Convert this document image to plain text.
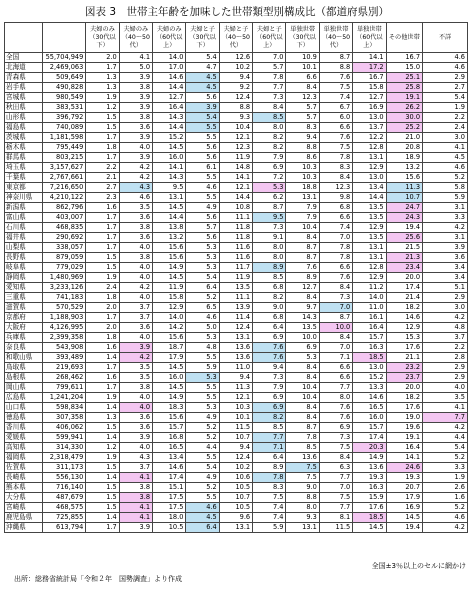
図表 3　世帯主年齢を加味した世帯類型別構成比（都道府県別）
		夫婦のみ（30代以下）	夫婦のみ（40〜50代）	夫婦のみ（60代以上）	夫婦と子（30代以下）	夫婦と子（40〜50代）	夫婦と子（60代以上）	単独世帯（30代以下）	単独世帯（40〜50代）	単独世帯（60代以上）	その他世帯	不詳
全国	55,704,949	2.0	4.1	14.0	5.4	12.6	7.0	10.9	8.7	14.1	16.7	4.6
北海道	2,469,063	1.7	5.0	17.0	4.7	10.2	5.7	10.1	8.8	17.2	15.0	4.6
青森県	509,649	1.3	3.9	14.6	4.5	9.4	7.8	6.6	7.6	16.7	25.1	2.9
岩手県	490,828	1.3	3.8	14.4	4.5	9.2	7.7	8.4	7.5	15.8	25.8	2.7
宮城県	980,549	1.9	3.9	12.7	5.6	12.4	7.3	12.3	7.4	12.7	19.1	5.4
秋田県	383,531	1.2	3.9	16.4	3.9	8.8	8.4	5.7	6.7	16.9	26.2	1.9
山形県	396,792	1.5	3.8	14.3	5.4	9.3	8.5	5.7	6.0	13.0	30.0	2.2
福島県	740,089	1.5	3.6	14.4	5.5	10.4	8.0	8.3	6.6	13.7	25.2	2.4
茨城県	1,181,598	1.7	3.9	15.2	5.5	12.1	8.2	9.4	7.6	12.2	21.0	3.0
栃木県	795,449	1.8	4.0	14.5	5.6	12.3	8.2	8.8	7.5	12.8	20.8	4.1
群馬県	803,215	1.7	3.9	16.0	5.6	11.9	7.9	8.6	7.8	13.1	18.9	4.5
埼玉県	3,157,627	2.2	4.2	14.1	6.1	14.8	6.9	10.3	8.3	12.9	13.2	4.6
千葉県	2,767,661	2.1	4.2	14.3	5.5	14.1	7.2	10.3	8.4	13.0	15.6	5.2
東京都	7,216,650	2.7	4.3	9.5	4.6	12.1	5.3	18.8	12.3	13.4	11.3	5.8
神奈川県	4,210,122	2.3	4.6	13.1	5.5	14.4	6.2	13.1	9.8	14.4	10.7	5.9
新潟県	862,796	1.6	3.5	14.5	4.9	10.8	8.7	7.9	6.8	13.5	24.7	3.1
富山県	403,007	1.7	3.6	14.4	5.6	11.1	9.5	7.9	6.6	13.5	24.3	3.3
石川県	468,835	1.7	3.8	13.8	5.7	11.8	7.3	10.4	7.4	12.9	19.4	4.2
福井県	290,692	1.7	3.6	13.2	5.6	11.8	9.1	8.4	7.0	13.5	25.6	3.1
山梨県	338,057	1.7	4.0	15.6	5.3	11.6	8.0	8.7	7.8	13.1	21.5	3.9
長野県	879,059	1.5	3.8	15.6	5.3	11.6	8.0	8.7	7.8	13.1	21.3	3.6
岐阜県	779,029	1.5	4.0	14.9	5.3	11.7	8.9	7.6	6.6	12.8	23.4	3.4
静岡県	1,480,969	1.9	4.0	14.5	5.4	11.9	8.5	8.9	7.6	12.9	20.0	3.4
愛知県	3,233,126	2.4	4.2	11.9	6.4	13.5	6.8	12.7	8.4	11.2	17.4	5.1
三重県	741,183	1.8	4.0	15.8	5.2	11.1	8.2	8.4	7.3	14.0	21.4	2.9
滋賀県	570,529	2.0	3.7	12.9	6.5	13.9	9.0	9.7	7.0	11.0	18.2	3.0
京都府	1,188,903	1.7	3.7	14.0	4.6	11.4	6.8	14.3	8.7	16.1	14.6	4.2
大阪府	4,126,995	2.0	3.6	14.2	5.0	12.4	6.4	13.5	10.0	16.4	12.9	4.8
兵庫県	2,399,358	1.8	4.0	15.6	5.3	13.1	6.9	10.0	8.4	15.7	15.3	3.7
奈良県	543,908	1.6	3.9	18.7	4.8	13.6	7.6	6.9	7.0	16.3	17.6	2.2
和歌山県	393,489	1.4	4.2	17.9	5.5	13.6	7.6	5.3	7.1	18.5	21.1	2.8
鳥取県	219,693	1.7	3.5	14.5	5.9	11.0	9.4	8.4	6.6	13.0	23.2	2.9
島根県	268,462	1.6	3.5	16.0	5.3	9.4	7.3	8.4	6.6	15.2	23.7	2.9
岡山県	799,611	1.7	3.8	14.5	5.5	11.3	7.9	10.4	7.7	13.3	20.0	4.0
広島県	1,241,204	1.9	4.0	14.9	5.5	12.1	6.9	10.4	8.0	14.6	18.2	3.5
山口県	598,834	1.4	4.0	18.3	5.3	10.3	6.9	8.4	7.6	16.5	17.6	4.1
徳島県	307,358	1.3	3.6	15.6	4.9	10.1	8.2	8.4	7.6	16.0	19.0	7.7
香川県	406,062	1.5	3.6	15.7	5.2	11.5	8.5	8.7	6.9	15.7	19.6	4.2
愛媛県	599,941	1.4	3.9	16.8	5.2	10.7	7.7	7.8	7.3	17.4	19.1	4.4
高知県	314,330	1.2	4.0	16.5	4.4	9.4	7.1	8.5	7.5	20.3	16.4	5.4
福岡県	2,318,479	1.9	4.3	13.4	5.5	12.4	6.4	13.6	8.4	14.9	14.1	5.2
佐賀県	311,173	1.5	3.7	14.6	5.4	10.2	8.9	7.5	6.3	13.6	24.6	3.3
長崎県	556,130	1.4	4.1	17.4	4.9	10.6	7.8	7.5	7.7	19.3	19.3	1.9
熊本県	716,140	1.5	3.8	15.1	5.2	10.5	8.3	9.0	7.0	16.3	20.7	2.6
大分県	487,679	1.5	3.8	17.5	5.5	10.7	7.5	8.8	7.5	15.9	17.9	1.6
宮崎県	468,575	1.5	4.1	17.5	4.6	10.5	7.4	8.0	7.7	17.6	16.9	5.2
鹿児島県	725,855	1.4	4.1	18.0	4.5	9.6	7.4	9.3	8.1	18.5	14.5	4.6
沖縄県	613,794	1.7	3.9	10.5	6.4	13.1	5.9	13.1	11.5	14.5	19.4	4.2
全国±3％以上のセルに網かけ
出所：総務省統計局「令和２年　国勢調査」より作成
